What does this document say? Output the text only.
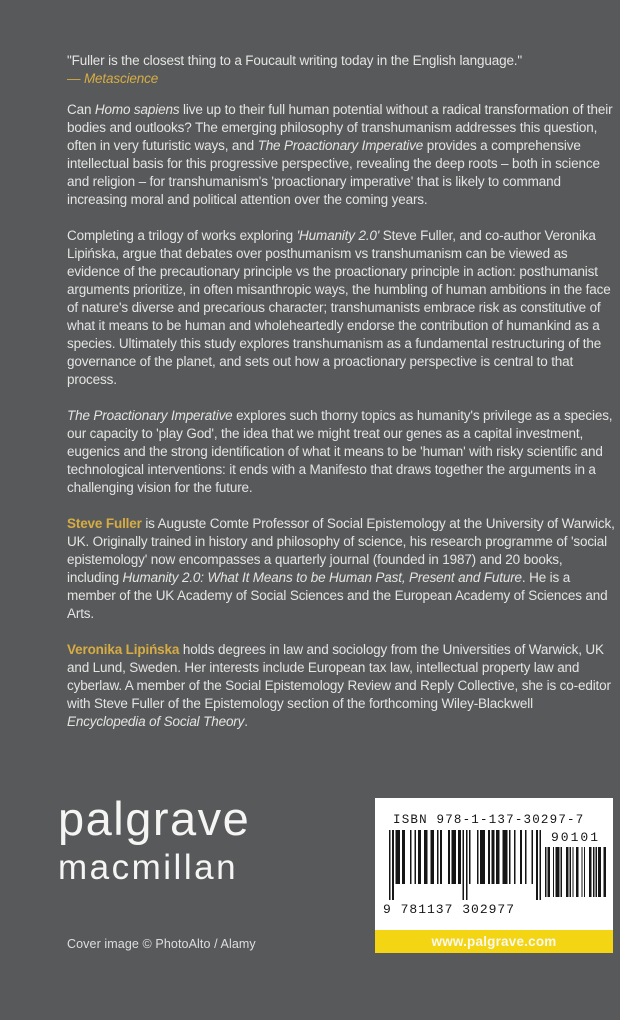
"Fuller is the closest thing to a Foucault writing today in the English language."
— Metascience

Can Homo sapiens live up to their full human potential without a radical transformation of their bodies and outlooks? The emerging philosophy of transhumanism addresses this question, often in very futuristic ways, and The Proactionary Imperative provides a comprehensive intellectual basis for this progressive perspective, revealing the deep roots – both in science and religion – for transhumanism's 'proactionary imperative' that is likely to command increasing moral and political attention over the coming years.

Completing a trilogy of works exploring 'Humanity 2.0' Steve Fuller, and co-author Veronika Lipińska, argue that debates over posthumanism vs transhumanism can be viewed as evidence of the precautionary principle vs the proactionary principle in action: posthumanist arguments prioritize, in often misanthropic ways, the humbling of human ambitions in the face of nature's diverse and precarious character; transhumanists embrace risk as constitutive of what it means to be human and wholeheartedly endorse the contribution of humankind as a species. Ultimately this study explores transhumanism as a fundamental restructuring of the governance of the planet, and sets out how a proactionary perspective is central to that process.

The Proactionary Imperative explores such thorny topics as humanity's privilege as a species, our capacity to 'play God', the idea that we might treat our genes as a capital investment, eugenics and the strong identification of what it means to be 'human' with risky scientific and technological interventions: it ends with a Manifesto that draws together the arguments in a challenging vision for the future.

Steve Fuller is Auguste Comte Professor of Social Epistemology at the University of Warwick, UK. Originally trained in history and philosophy of science, his research programme of 'social epistemology' now encompasses a quarterly journal (founded in 1987) and 20 books, including Humanity 2.0: What It Means to be Human Past, Present and Future. He is a member of the UK Academy of Social Sciences and the European Academy of Sciences and Arts.

Veronika Lipińska holds degrees in law and sociology from the Universities of Warwick, UK and Lund, Sweden. Her interests include European tax law, intellectual property law and cyberlaw. A member of the Social Epistemology Review and Reply Collective, she is co-editor with Steve Fuller of the Epistemology section of the forthcoming Wiley-Blackwell Encyclopedia of Social Theory.

palgrave
macmillan
ISBN 978-1-137-30297-7
9 781137 302977
90101
www.palgrave.com
Cover image © PhotoAlto / Alamy
